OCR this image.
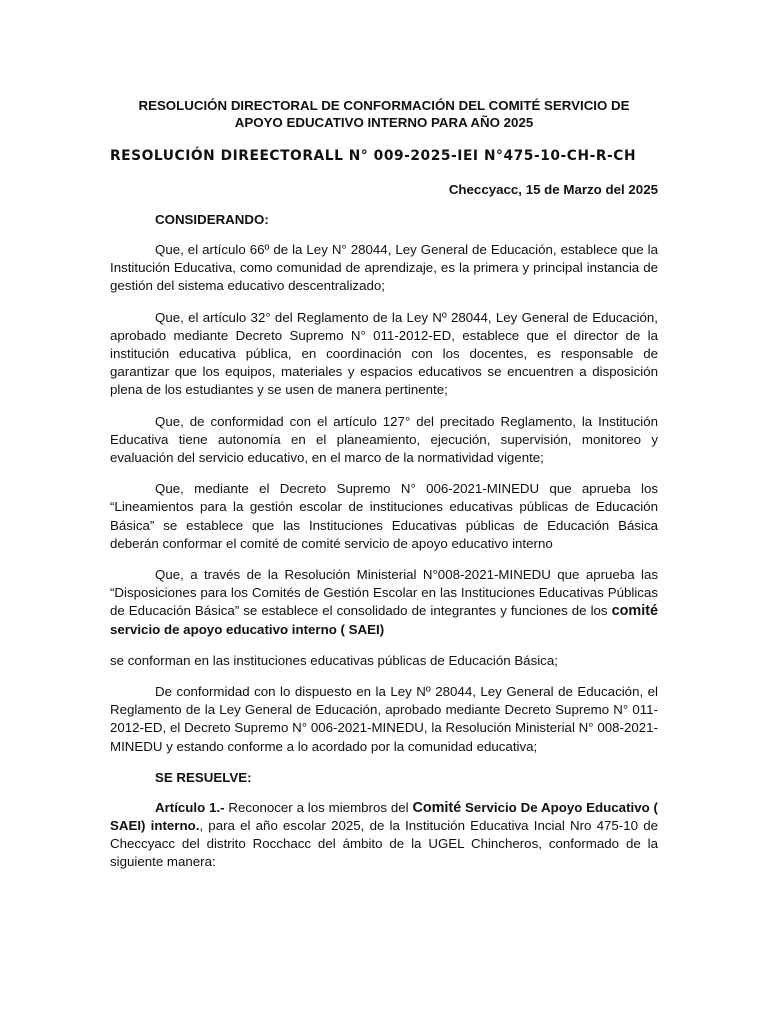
RESOLUCIÓN DIRECTORAL DE CONFORMACIÓN DEL COMITÉ SERVICIO DE APOYO EDUCATIVO INTERNO PARA AÑO 2025
RESOLUCIÓN DIREECTORALL N° 009-2025-IEI N°475-10-CH-R-CH
Checcyacc, 15 de Marzo del 2025
CONSIDERANDO:

Que, el artículo 66º de la Ley N° 28044, Ley General de Educación, establece que la Institución Educativa, como comunidad de aprendizaje, es la primera y principal instancia de gestión del sistema educativo descentralizado;

Que, el artículo 32° del Reglamento de la Ley Nº 28044, Ley General de Educación, aprobado mediante Decreto Supremo N° 011-2012-ED, establece que el director de la institución educativa pública, en coordinación con los docentes, es responsable de garantizar que los equipos, materiales y espacios educativos se encuentren a disposición plena de los estudiantes y se usen de manera pertinente;

Que, de conformidad con el artículo 127° del precitado Reglamento, la Institución Educativa tiene autonomía en el planeamiento, ejecución, supervisión, monitoreo y evaluación del servicio educativo, en el marco de la normatividad vigente;

Que, mediante el Decreto Supremo N° 006-2021-MINEDU que aprueba los “Lineamientos para la gestión escolar de instituciones educativas públicas de Educación Básica” se establece que las Instituciones Educativas públicas de Educación Básica deberán conformar el comité de comité servicio de apoyo educativo interno

Que, a través de la Resolución Ministerial N°008-2021-MINEDU que aprueba las “Disposiciones para los Comités de Gestión Escolar en las Instituciones Educativas Públicas de Educación Básica” se establece el consolidado de integrantes y funciones de los comité servicio de apoyo educativo interno ( SAEI)

se conforman en las instituciones educativas públicas de Educación Básica;

De conformidad con lo dispuesto en la Ley Nº 28044, Ley General de Educación, el Reglamento de la Ley General de Educación, aprobado mediante Decreto Supremo N° 011-2012-ED, el Decreto Supremo N° 006-2021-MINEDU, la Resolución Ministerial N° 008-2021-MINEDU y estando conforme a lo acordado por la comunidad educativa;

SE RESUELVE:

Artículo 1.- Reconocer a los miembros del Comité Servicio De Apoyo Educativo ( SAEI) interno., para el año escolar 2025, de la Institución Educativa Incial Nro 475-10 de Checcyacc del distrito Rocchacc del ámbito de la UGEL Chincheros, conformado de la siguiente manera:
